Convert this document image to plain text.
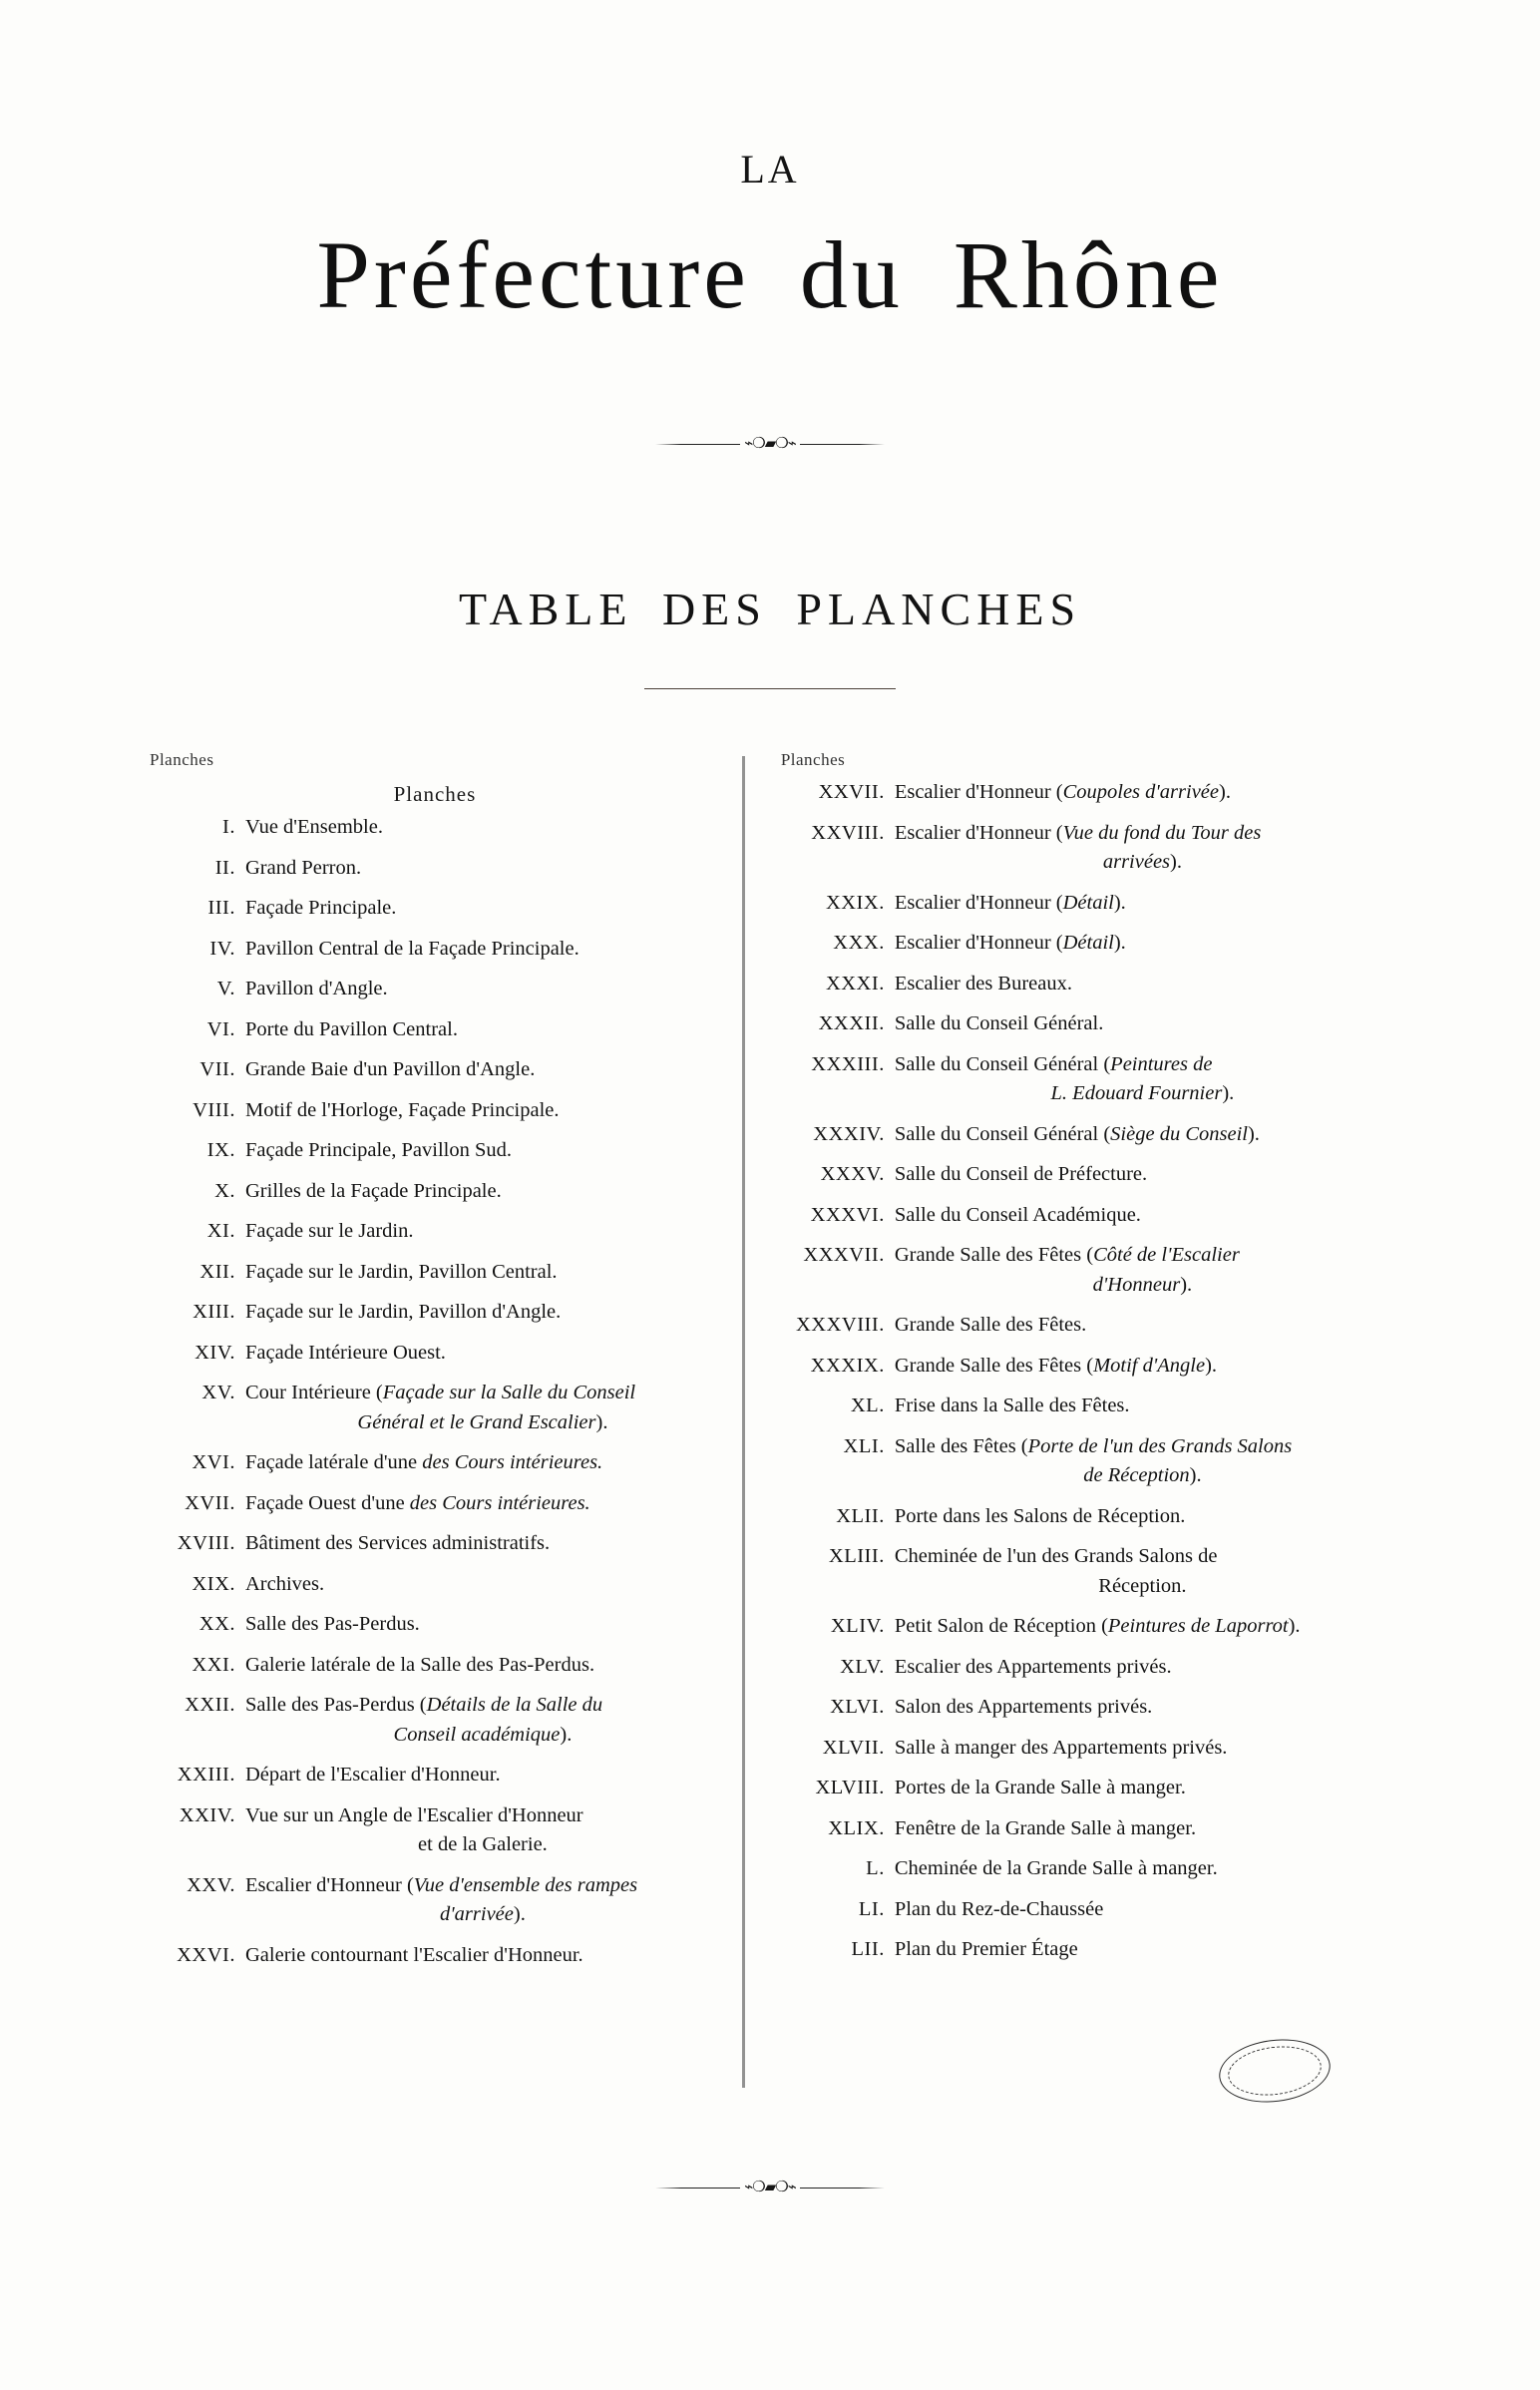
LA
Préfecture du Rhône
⌁❍▰❍⌁
TABLE DES PLANCHES
Planches
Planches
I. Vue d'Ensemble.
II. Grand Perron.
III. Façade Principale.
IV. Pavillon Central de la Façade Principale.
V. Pavillon d'Angle.
VI. Porte du Pavillon Central.
VII. Grande Baie d'un Pavillon d'Angle.
VIII. Motif de l'Horloge, Façade Principale.
IX. Façade Principale, Pavillon Sud.
X. Grilles de la Façade Principale.
XI. Façade sur le Jardin.
XII. Façade sur le Jardin, Pavillon Central.
XIII. Façade sur le Jardin, Pavillon d'Angle.
XIV. Façade Intérieure Ouest.
XV. Cour Intérieure (Façade sur la Salle du Conseil
Général et le Grand Escalier).
XVI. Façade latérale d'une des Cours intérieures.
XVII. Façade Ouest d'une des Cours intérieures.
XVIII. Bâtiment des Services administratifs.
XIX. Archives.
XX. Salle des Pas-Perdus.
XXI. Galerie latérale de la Salle des Pas-Perdus.
XXII. Salle des Pas-Perdus (Détails de la Salle du
Conseil académique).
XXIII. Départ de l'Escalier d'Honneur.
XXIV. Vue sur un Angle de l'Escalier d'Honneur
et de la Galerie.
XXV. Escalier d'Honneur (Vue d'ensemble des rampes
d'arrivée).
XXVI. Galerie contournant l'Escalier d'Honneur.
Planches
XXVII. Escalier d'Honneur (Coupoles d'arrivée).
XXVIII. Escalier d'Honneur (Vue du fond du Tour des
arrivées).
XXIX. Escalier d'Honneur (Détail).
XXX. Escalier d'Honneur (Détail).
XXXI. Escalier des Bureaux.
XXXII. Salle du Conseil Général.
XXXIII. Salle du Conseil Général (Peintures de
L. Edouard Fournier).
XXXIV. Salle du Conseil Général (Siège du Conseil).
XXXV. Salle du Conseil de Préfecture.
XXXVI. Salle du Conseil Académique.
XXXVII. Grande Salle des Fêtes (Côté de l'Escalier
d'Honneur).
XXXVIII. Grande Salle des Fêtes.
XXXIX. Grande Salle des Fêtes (Motif d'Angle).
XL. Frise dans la Salle des Fêtes.
XLI. Salle des Fêtes (Porte de l'un des Grands Salons
de Réception).
XLII. Porte dans les Salons de Réception.
XLIII. Cheminée de l'un des Grands Salons de
Réception.
XLIV. Petit Salon de Réception (Peintures de Laporrot).
XLV. Escalier des Appartements privés.
XLVI. Salon des Appartements privés.
XLVII. Salle à manger des Appartements privés.
XLVIII. Portes de la Grande Salle à manger.
XLIX. Fenêtre de la Grande Salle à manger.
L. Cheminée de la Grande Salle à manger.
LI. Plan du Rez-de-Chaussée
LII. Plan du Premier Étage
⌁❍▰❍⌁
